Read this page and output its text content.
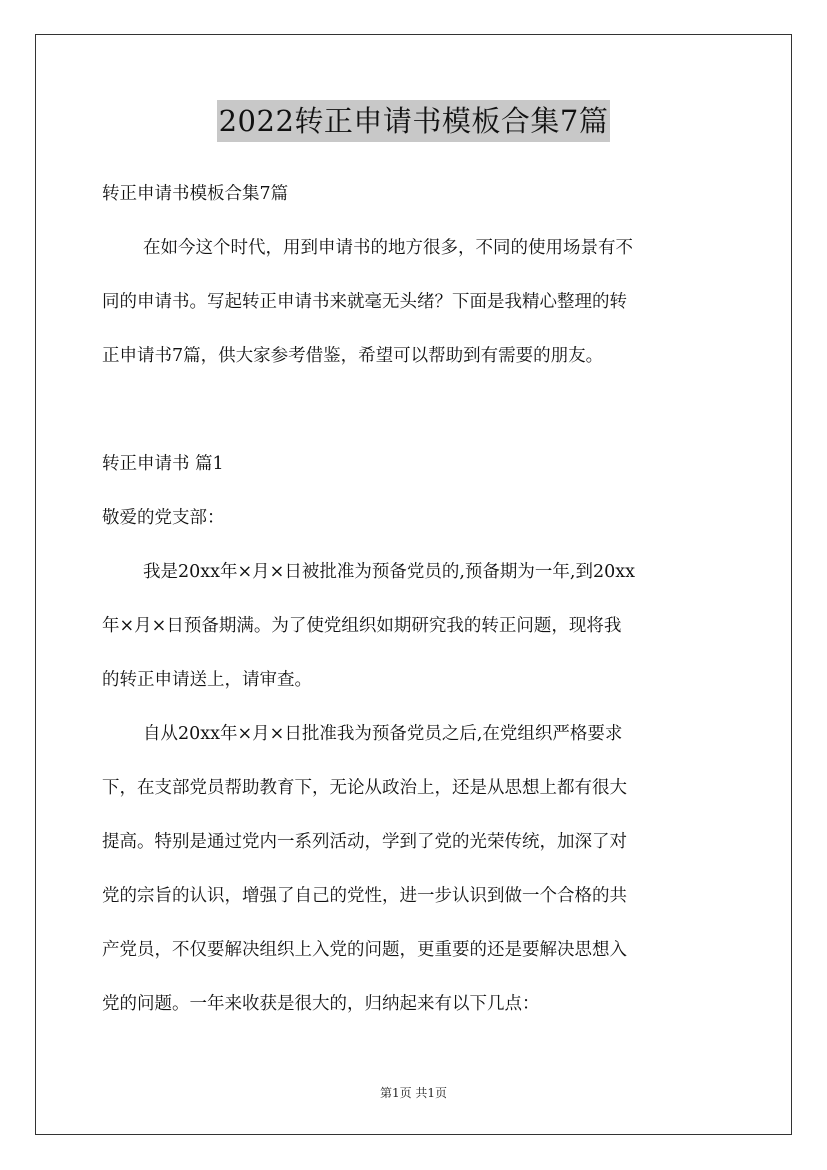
2022转正申请书模板合集7篇
转正申请书模板合集7篇
在如今这个时代，用到申请书的地方很多，不同的使用场景有不
同的申请书。写起转正申请书来就毫无头绪？下面是我精心整理的转
正申请书7篇，供大家参考借鉴，希望可以帮助到有需要的朋友。
转正申请书 篇1
敬爱的党支部：
我是20xx年×月×日被批准为预备党员的,预备期为一年,到20xx
年×月×日预备期满。为了使党组织如期研究我的转正问题，现将我
的转正申请送上，请审查。
自从20xx年×月×日批准我为预备党员之后,在党组织严格要求
下，在支部党员帮助教育下，无论从政治上，还是从思想上都有很大
提高。特别是通过党内一系列活动，学到了党的光荣传统，加深了对
党的宗旨的认识，增强了自己的党性，进一步认识到做一个合格的共
产党员，不仅要解决组织上入党的问题，更重要的还是要解决思想入
党的问题。一年来收获是很大的，归纳起来有以下几点：
第1页 共1页
